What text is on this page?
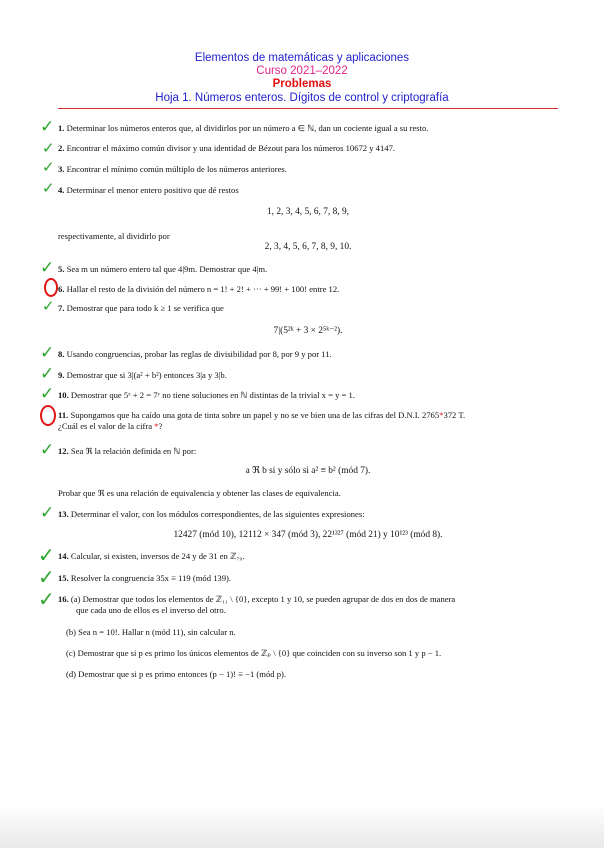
Elementos de matemáticas y aplicaciones
Curso 2021–2022
Problemas
Hoja 1. Números enteros. Dígitos de control y criptografía
✓
✓
✓
✓
✓
✓
✓
✓
✓
✓
✓
✓
✓
✓
1. Determinar los números enteros que, al dividirlos por un número a ∈ ℕ, dan un cociente igual a su resto.
2. Encontrar el máximo común divisor y una identidad de Bézout para los números 10672 y 4147.
3. Encontrar el mínimo común múltiplo de los números anteriores.
4. Determinar el menor entero positivo que dé restos
1, 2, 3, 4, 5, 6, 7, 8, 9,
respectivamente, al dividirlo por
2, 3, 4, 5, 6, 7, 8, 9, 10.
5. Sea m un número entero tal que 4|9m. Demostrar que 4|m.
6. Hallar el resto de la división del número n = 1! + 2! + ··· + 99! + 100! entre 12.
7. Demostrar que para todo k ≥ 1 se verifica que
7|(5²ᵏ + 3 × 2⁵ᵏ⁻²).
8. Usando congruencias, probar las reglas de divisibilidad por 8, por 9 y por 11.
9. Demostrar que si 3|(a² + b²) entonces 3|a y 3|b.
10. Demostrar que 5ˣ + 2 = 7ʸ no tiene soluciones en ℕ distintas de la trivial x = y = 1.
11. Supongamos que ha caído una gota de tinta sobre un papel y no se ve bien una de las cifras del D.N.I. 2765*372 T.
¿Cuál es el valor de la cifra *?
12. Sea ℜ la relación definida en ℕ por:
a ℜ b si y sólo si a² ≡ b² (mód 7).
Probar que ℜ es una relación de equivalencia y obtener las clases de equivalencia.
13. Determinar el valor, con los módulos correspondientes, de las siguientes expresiones:
12427 (mód 10), 12112 × 347 (mód 3), 22¹³²⁷ (mód 21) y 10¹²³ (mód 8).
14. Calcular, si existen, inversos de 24 y de 31 en ℤ₇₉.
15. Resolver la congruencia 35x ≡ 119 (mód 139).
16. (a) Demostrar que todos los elementos de ℤ₁₁ \ {0}, excepto 1 y 10, se pueden agrupar de dos en dos de manera
que cada uno de ellos es el inverso del otro.
(b) Sea n = 10!. Hallar n (mód 11), sin calcular n.
(c) Demostrar que si p es primo los únicos elementos de ℤₚ \ {0} que coinciden con su inverso son 1 y p − 1.
(d) Demostrar que si p es primo entonces (p − 1)! ≡ −1 (mód p).
